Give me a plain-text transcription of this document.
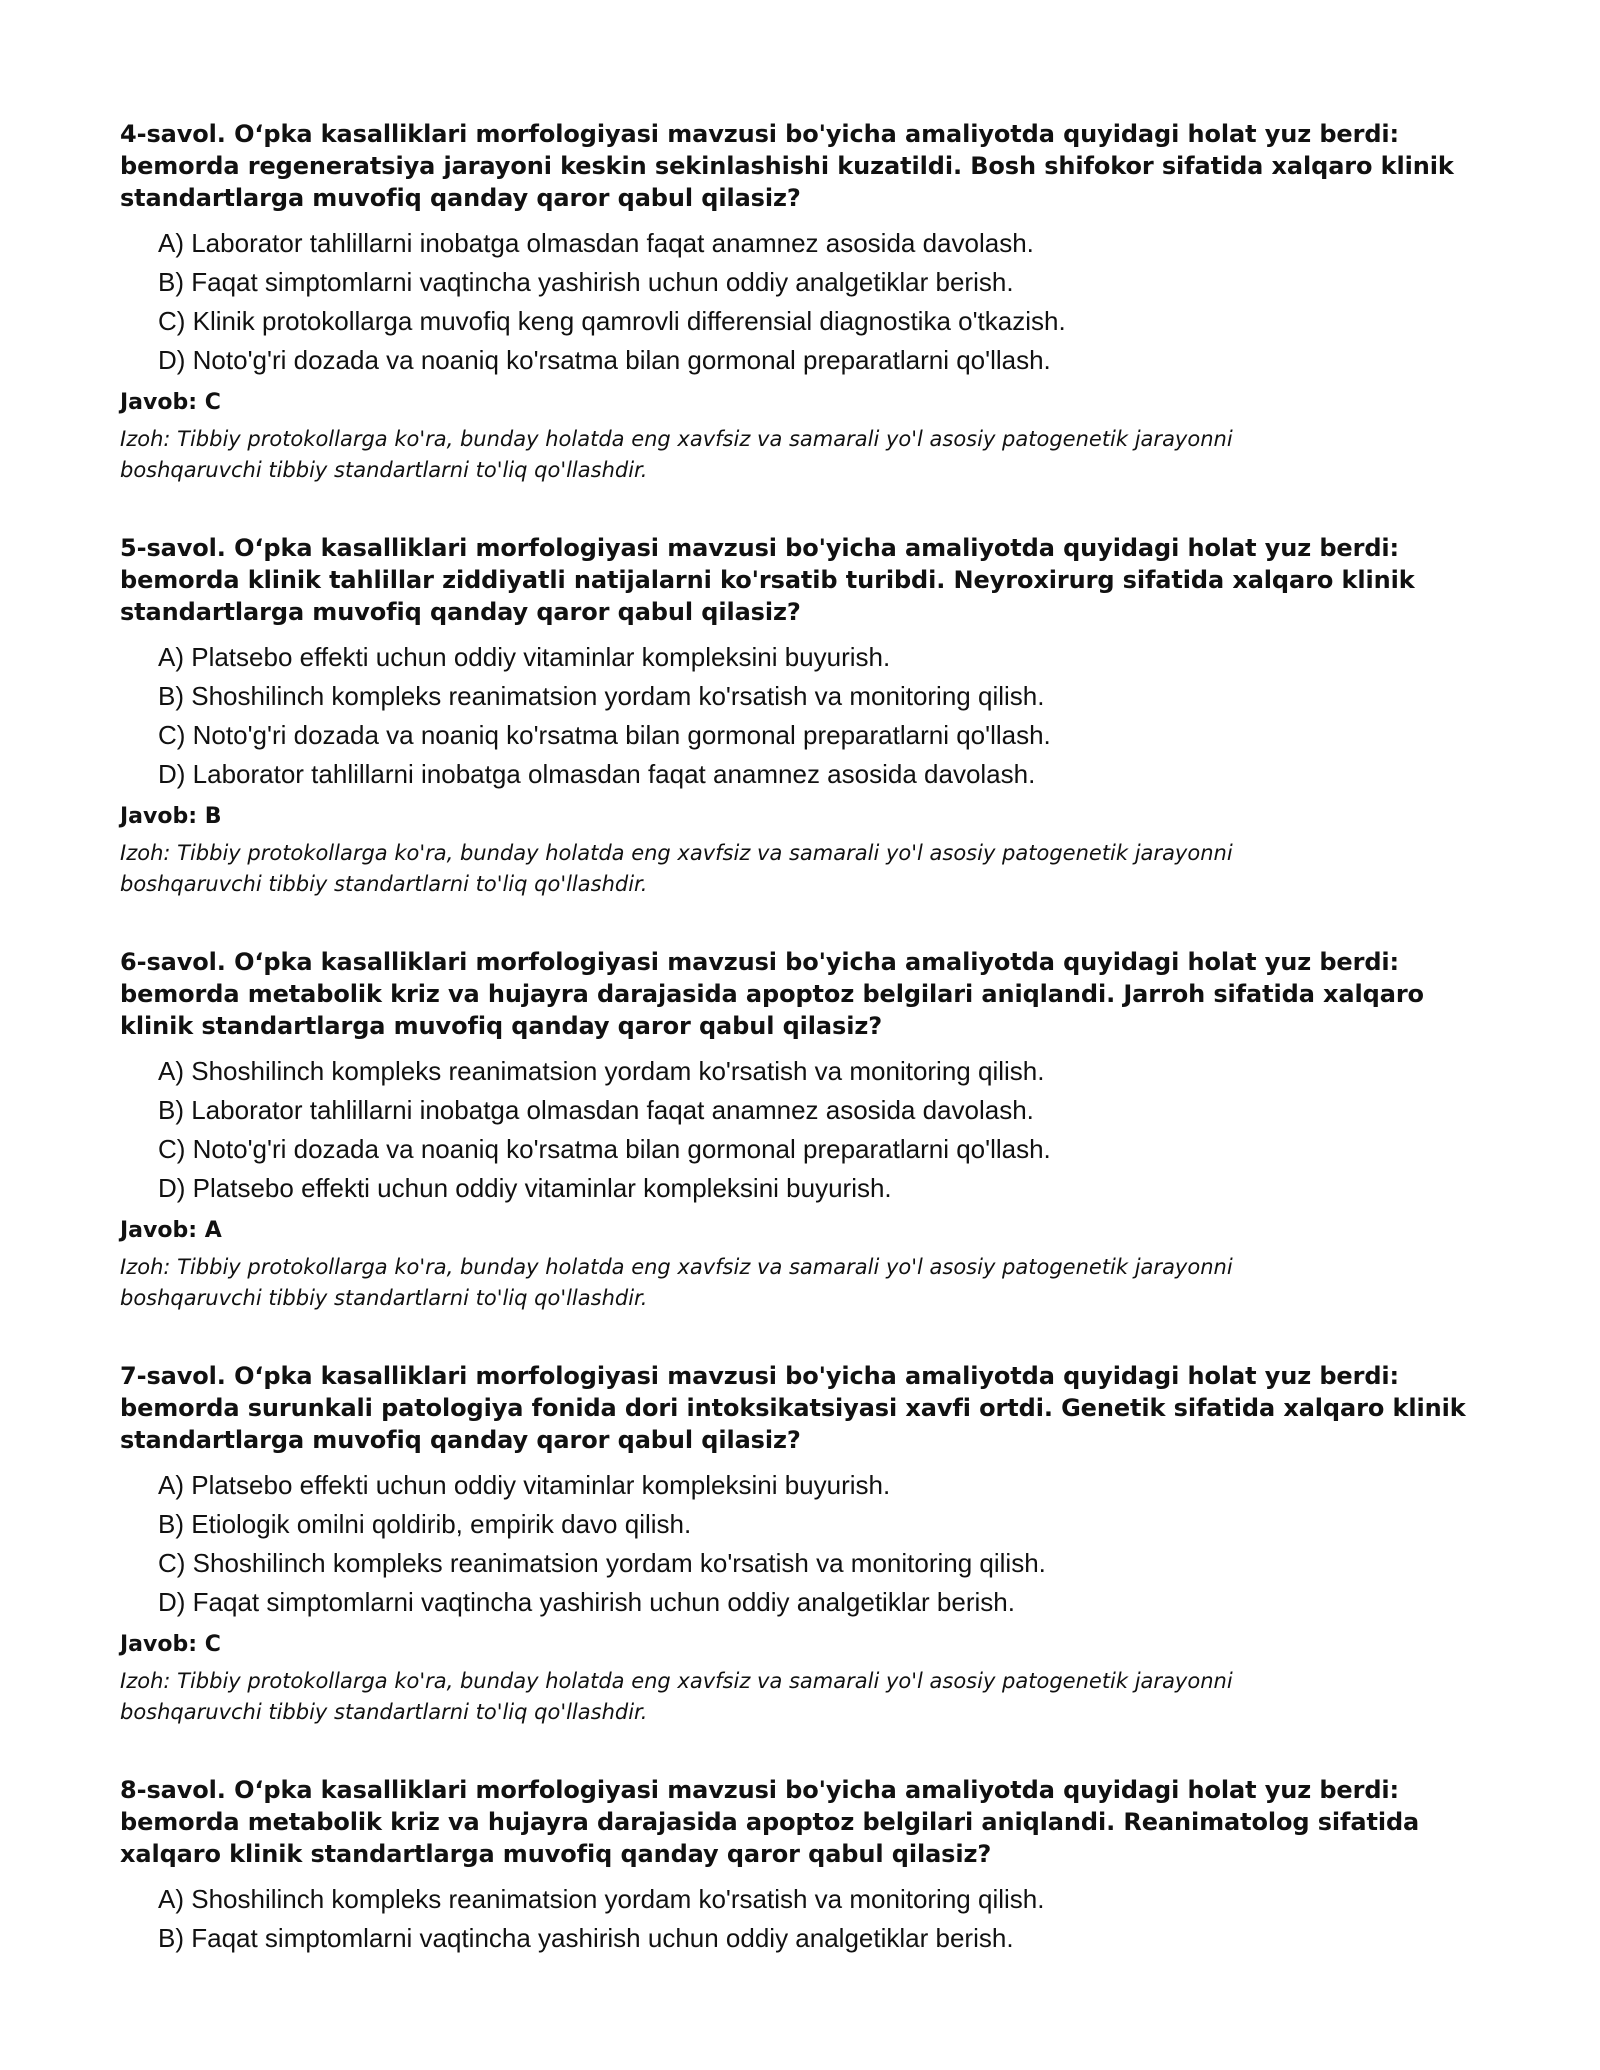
4-savol. O‘pka kasalliklari morfologiyasi mavzusi bo'yicha amaliyotda quyidagi holat yuz berdi: bemorda regeneratsiya jarayoni keskin sekinlashishi kuzatildi. Bosh shifokor sifatida xalqaro klinik standartlarga muvofiq qanday qaror qabul qilasiz?

A) Laborator tahlillarni inobatga olmasdan faqat anamnez asosida davolash.

B) Faqat simptomlarni vaqtincha yashirish uchun oddiy analgetiklar berish.

C) Klinik protokollarga muvofiq keng qamrovli differensial diagnostika o'tkazish.

D) Noto'g'ri dozada va noaniq ko'rsatma bilan gormonal preparatlarni qo'llash.

Javob: C

Izoh: Tibbiy protokollarga ko'ra, bunday holatda eng xavfsiz va samarali yo'l asosiy patogenetik jarayonni boshqaruvchi tibbiy standartlarni to'liq qo'llashdir.

5-savol. O‘pka kasalliklari morfologiyasi mavzusi bo'yicha amaliyotda quyidagi holat yuz berdi: bemorda klinik tahlillar ziddiyatli natijalarni ko'rsatib turibdi. Neyroxirurg sifatida xalqaro klinik standartlarga muvofiq qanday qaror qabul qilasiz?

A) Platsebo effekti uchun oddiy vitaminlar kompleksini buyurish.

B) Shoshilinch kompleks reanimatsion yordam ko'rsatish va monitoring qilish.

C) Noto'g'ri dozada va noaniq ko'rsatma bilan gormonal preparatlarni qo'llash.

D) Laborator tahlillarni inobatga olmasdan faqat anamnez asosida davolash.

Javob: B

Izoh: Tibbiy protokollarga ko'ra, bunday holatda eng xavfsiz va samarali yo'l asosiy patogenetik jarayonni boshqaruvchi tibbiy standartlarni to'liq qo'llashdir.

6-savol. O‘pka kasalliklari morfologiyasi mavzusi bo'yicha amaliyotda quyidagi holat yuz berdi: bemorda metabolik kriz va hujayra darajasida apoptoz belgilari aniqlandi. Jarroh sifatida xalqaro klinik standartlarga muvofiq qanday qaror qabul qilasiz?

A) Shoshilinch kompleks reanimatsion yordam ko'rsatish va monitoring qilish.

B) Laborator tahlillarni inobatga olmasdan faqat anamnez asosida davolash.

C) Noto'g'ri dozada va noaniq ko'rsatma bilan gormonal preparatlarni qo'llash.

D) Platsebo effekti uchun oddiy vitaminlar kompleksini buyurish.

Javob: A

Izoh: Tibbiy protokollarga ko'ra, bunday holatda eng xavfsiz va samarali yo'l asosiy patogenetik jarayonni boshqaruvchi tibbiy standartlarni to'liq qo'llashdir.

7-savol. O‘pka kasalliklari morfologiyasi mavzusi bo'yicha amaliyotda quyidagi holat yuz berdi: bemorda surunkali patologiya fonida dori intoksikatsiyasi xavfi ortdi. Genetik sifatida xalqaro klinik standartlarga muvofiq qanday qaror qabul qilasiz?

A) Platsebo effekti uchun oddiy vitaminlar kompleksini buyurish.

B) Etiologik omilni qoldirib, empirik davo qilish.

C) Shoshilinch kompleks reanimatsion yordam ko'rsatish va monitoring qilish.

D) Faqat simptomlarni vaqtincha yashirish uchun oddiy analgetiklar berish.

Javob: C

Izoh: Tibbiy protokollarga ko'ra, bunday holatda eng xavfsiz va samarali yo'l asosiy patogenetik jarayonni boshqaruvchi tibbiy standartlarni to'liq qo'llashdir.

8-savol. O‘pka kasalliklari morfologiyasi mavzusi bo'yicha amaliyotda quyidagi holat yuz berdi: bemorda metabolik kriz va hujayra darajasida apoptoz belgilari aniqlandi. Reanimatolog sifatida xalqaro klinik standartlarga muvofiq qanday qaror qabul qilasiz?

A) Shoshilinch kompleks reanimatsion yordam ko'rsatish va monitoring qilish.

B) Faqat simptomlarni vaqtincha yashirish uchun oddiy analgetiklar berish.
